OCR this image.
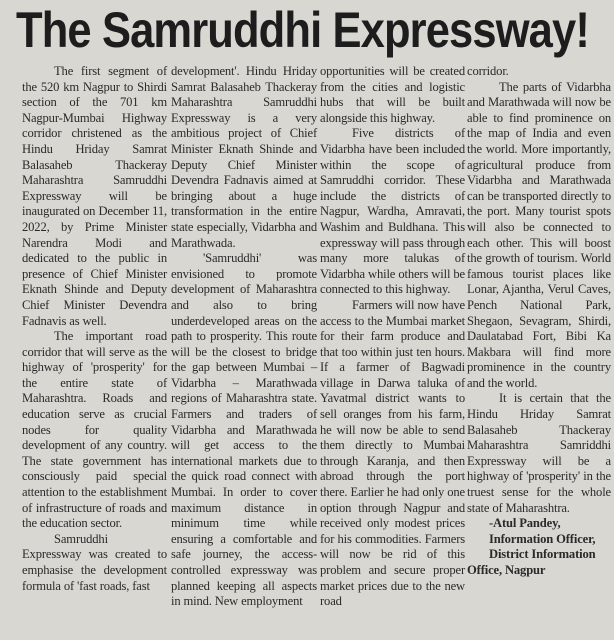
The Samruddhi Expressway!

The first segment of the 520 km Nagpur to Shirdi section of the 701 km Nagpur-Mumbai Highway corridor christened as the Hindu Hriday Samrat Balasaheb Thackeray Maharashtra Samruddhi Expressway will be inaugurated on December 11, 2022, by Prime Minister Narendra Modi and dedicated to the public in presence of Chief Minister Eknath Shinde and Deputy Chief Minister Devendra Fadnavis as well.

The important road corridor that will serve as the highway of 'prosperity' for the entire state of Maharashtra. Roads and education serve as crucial nodes for quality development of any country. The state government has consciously paid special attention to the establishment of infrastructure of roads and the education sector.

Samruddhi Expressway was created to emphasise the development formula of 'fast roads, fast

development'. Hindu Hriday Samrat Balasaheb Thackeray Maharashtra Samruddhi Expressway is a very ambitious project of Chief Minister Eknath Shinde and Deputy Chief Minister Devendra Fadnavis aimed at bringing about a huge transformation in the entire state especially, Vidarbha and Marathwada.

'Samruddhi' was envisioned to promote development of Maharashtra and also to bring underdeveloped areas on the path to prosperity. This route will be the closest to bridge the gap between Mumbai – Vidarbha – Marathwada regions of Maharashtra state. Farmers and traders of Vidarbha and Marathwada will get access to the international markets due to the quick road connect with Mumbai. In order to cover maximum distance in minimum time while ensuring a comfortable and safe journey, the access-controlled expressway was planned keeping all aspects in mind. New employment

opportunities will be created from the cities and logistic hubs that will be built alongside this highway.

Five districts of Vidarbha have been included within the scope of Samruddhi corridor. These include the districts of Nagpur, Wardha, Amravati, Washim and Buldhana. This expressway will pass through many more talukas of Vidarbha while others will be connected to this highway.

Farmers will now have access to the Mumbai market for their farm produce and that too within just ten hours. If a farmer of Bagwadi village in Darwa taluka of Yavatmal district wants to sell oranges from his farm, he will now be able to send them directly to Mumbai through Karanja, and then abroad through the port there. Earlier he had only one option through Nagpur and received only modest prices for his commodities. Farmers will now be rid of this problem and secure proper market prices due to the new road

corridor.

The parts of Vidarbha and Marathwada will now be able to find prominence on the map of India and even the world. More importantly, agricultural produce from Vidarbha and Marathwada can be transported directly to the port. Many tourist spots will also be connected to each other. This will boost the growth of tourism. World famous tourist places like Lonar, Ajantha, Verul Caves, Pench National Park, Shegaon, Sevagram, Shirdi, Daulatabad Fort, Bibi Ka Makbara will find more prominence in the country and the world.

It is certain that the Hindu Hriday Samrat Balasaheb Thackeray Maharashtra Samriddhi Expressway will be a highway of 'prosperity' in the truest sense for the whole state of Maharashtra.

-Atul Pandey,
Information Officer,
District Information
Office, Nagpur
